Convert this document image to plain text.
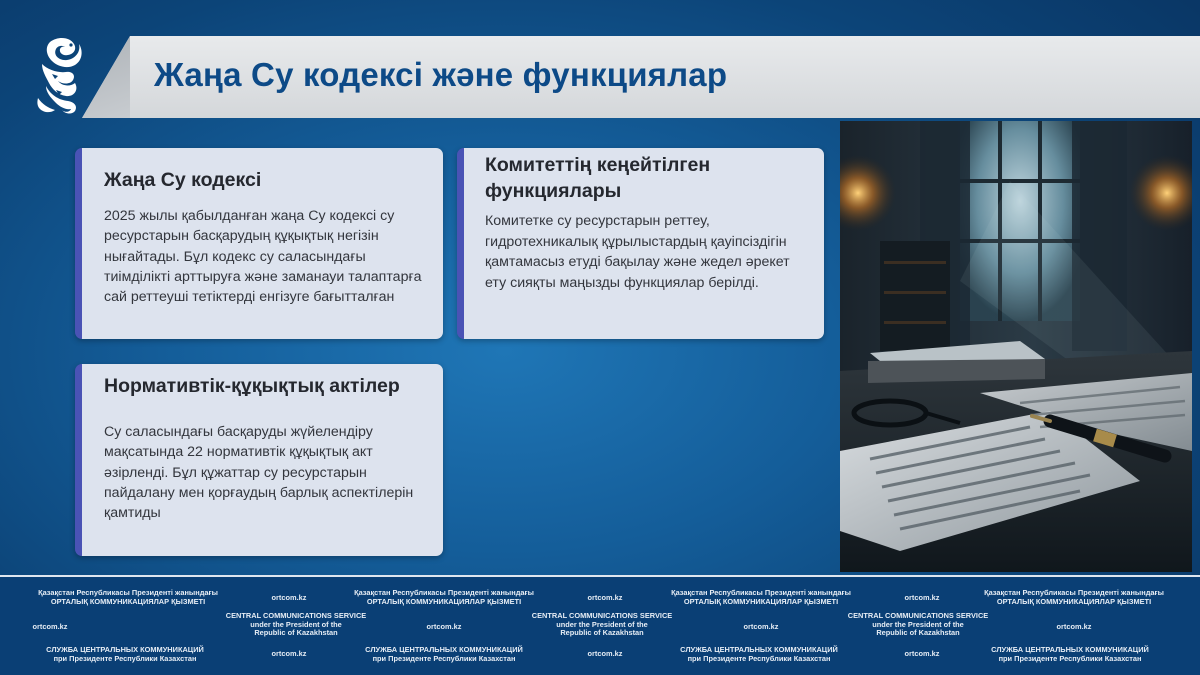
Жаңа Су кодексі және функциялар
Жаңа Су кодексі

2025 жылы қабылданған жаңа Су кодексі су ресурстарын басқарудың құқықтық негізін нығайтады. Бұл кодекс су саласындағы тиімділікті арттыруға және заманауи талаптарға сай реттеуші тетіктерді енгізуге бағытталған

Комитеттің кеңейтілген функциялары

Комитетке су ресурстарын реттеу, гидротехникалық құрылыстардың қауіпсіздігін қамтамасыз етуді бақылау және жедел әрекет ету сияқты маңызды функциялар берілді.

Нормативтік-құқықтық актілер

Су саласындағы басқаруды жүйелендіру мақсатында 22 нормативтік құқықтық акт әзірленді. Бұл құжаттар су ресурстарын пайдалану мен қорғаудың барлық аспектілерін қамтиды

Қазақстан Республикасы Президенті жанындағы
ОРТАЛЫҚ КОММУНИКАЦИЯЛАР ҚЫЗМЕТІ	ortcom.kz
Қазақстан Республикасы Президенті жанындағы
ОРТАЛЫҚ КОММУНИКАЦИЯЛАР ҚЫЗМЕТІ	ortcom.kz
Қазақстан Республикасы Президенті жанындағы
ОРТАЛЫҚ КОММУНИКАЦИЯЛАР ҚЫЗМЕТІ	ortcom.kz
Қазақстан Республикасы Президенті жанындағы
ОРТАЛЫҚ КОММУНИКАЦИЯЛАР ҚЫЗМЕТІ
ortcom.kz
CENTRAL COMMUNICATIONS SERVICE
under the President of the
Republic of Kazakhstan
ortcom.kz
CENTRAL COMMUNICATIONS SERVICE
under the President of the
Republic of Kazakhstan
ortcom.kz
CENTRAL COMMUNICATIONS SERVICE
under the President of the
Republic of Kazakhstan
ortcom.kz
СЛУЖБА ЦЕНТРАЛЬНЫХ КОММУНИКАЦИЙ
при Президенте Республики Казахстан
ortcom.kz	СЛУЖБА ЦЕНТРАЛЬНЫХ КОММУНИКАЦИЙ
при Президенте Республики Казахстан
ortcom.kz	СЛУЖБА ЦЕНТРАЛЬНЫХ КОММУНИКАЦИЙ
при Президенте Республики Казахстан
ortcom.kz	СЛУЖБА ЦЕНТРАЛЬНЫХ КОММУНИКАЦИЙ
при Президенте Республики Казахстан
